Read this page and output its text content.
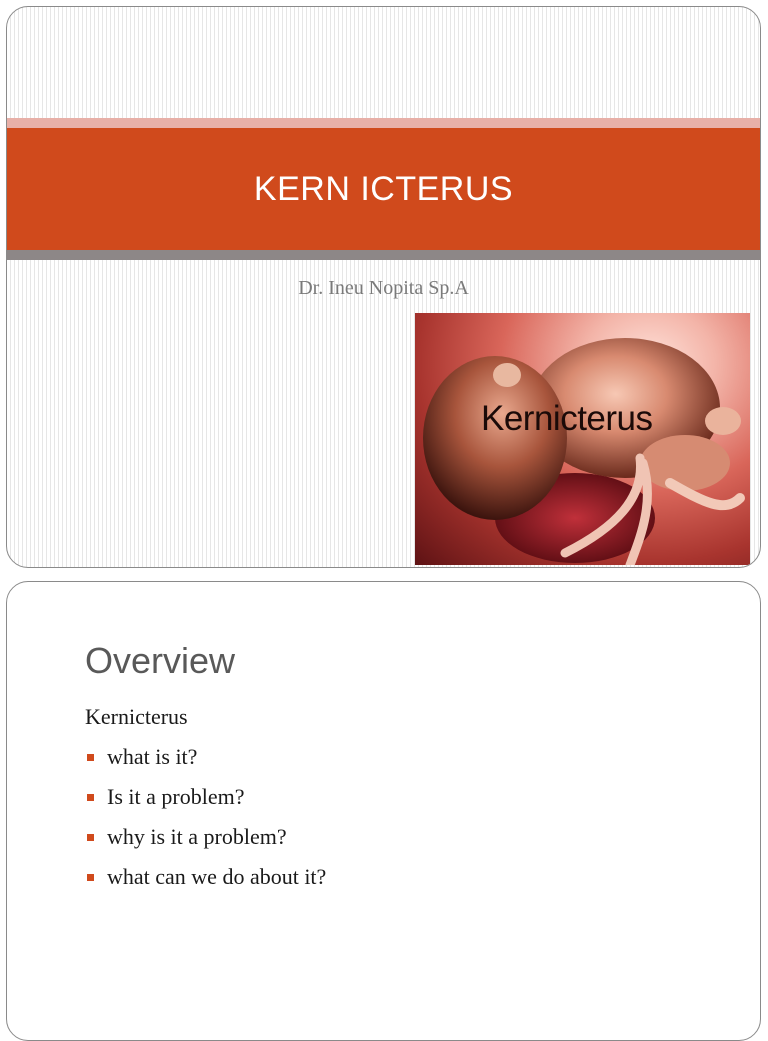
KERN ICTERUS
Dr. Ineu Nopita Sp.A
Kernicterus
Overview
Kernicterus
what is it?
Is it a problem?
why is it a problem?
what can we do about it?
